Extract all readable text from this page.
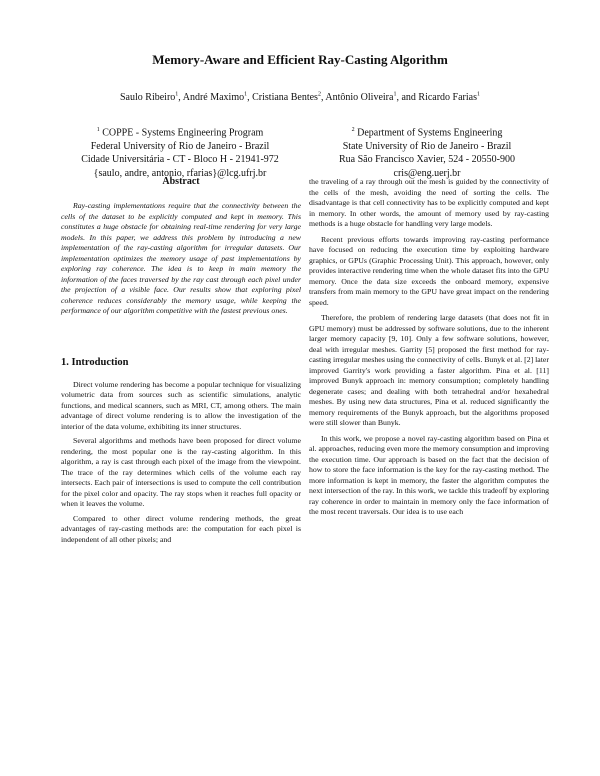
Memory-Aware and Efficient Ray-Casting Algorithm
Saulo Ribeiro$^1$, André Maximo$^1$, Cristiana Bentes$^2$, Antônio Oliveira$^1$, and Ricardo Farias$^1$
$^1$ COPPE - Systems Engineering Program
Federal University of Rio de Janeiro - Brazil
Cidade Universitária - CT - Bloco H - 21941-972
{saulo, andre, antonio, rfarias}@lcg.ufrj.br
$^2$ Department of Systems Engineering
State University of Rio de Janeiro - Brazil
Rua São Francisco Xavier, 524 - 20550-900
cris@eng.uerj.br
Abstract

Ray-casting implementations require that the connectivity between the cells of the dataset to be explicitly computed and kept in memory. This constitutes a huge obstacle for obtaining real-time rendering for very large models. In this paper, we address this problem by introducing a new implementation of the ray-casting algorithm for irregular datasets. Our implementation optimizes the memory usage of past implementations by exploring ray coherence. The idea is to keep in main memory the information of the faces traversed by the ray cast through each pixel under the projection of a visible face. Our results show that exploring pixel coherence reduces considerably the memory usage, while keeping the performance of our algorithm competitive with the fastest previous ones.

1. Introduction

Direct volume rendering has become a popular technique for visualizing volumetric data from sources such as scientific simulations, analytic functions, and medical scanners, such as MRI, CT, among others. The main advantage of direct volume rendering is to allow the investigation of the interior of the data volume, exhibiting its inner structures.

Several algorithms and methods have been proposed for direct volume rendering, the most popular one is the ray-casting algorithm. In this algorithm, a ray is cast through each pixel of the image from the viewpoint. The trace of the ray determines which cells of the volume each ray intersects. Each pair of intersections is used to compute the cell contribution for the pixel color and opacity. The ray stops when it reaches full opacity or when it leaves the volume.

Compared to other direct volume rendering methods, the great advantages of ray-casting methods are: the computation for each pixel is independent of all other pixels; and

the traveling of a ray through out the mesh is guided by the connectivity of the cells of the mesh, avoiding the need of sorting the cells. The disadvantage is that cell connectivity has to be explicitly computed and kept in memory. In other words, the amount of memory used by ray-casting methods is a huge obstacle for handling very large models.

Recent previous efforts towards improving ray-casting performance have focused on reducing the execution time by exploiting hardware graphics, or GPUs (Graphic Processing Unit). This approach, however, only provides interactive rendering time when the whole dataset fits into the GPU memory. Once the data size exceeds the onboard memory, expensive transfers from main memory to the GPU have great impact on the rendering speed.

Therefore, the problem of rendering large datasets (that does not fit in GPU memory) must be addressed by software solutions, due to the inherent larger memory capacity [9, 10]. Only a few software solutions, however, deal with irregular meshes. Garrity [5] proposed the first method for ray-casting irregular meshes using the connectivity of cells. Bunyk et al. [2] later improved Garrity's work providing a faster algorithm. Pina et al. [11] improved Bunyk approach in: memory consumption; completely handling degenerate cases; and dealing with both tetrahedral and/or hexahedral meshes. By using new data structures, Pina et al. reduced significantly the memory requirements of the Bunyk approach, but the algorithms proposed were still slower than Bunyk.

In this work, we propose a novel ray-casting algorithm based on Pina et al. approaches, reducing even more the memory consumption and improving the execution time. Our approach is based on the fact that the decision of how to store the face information is the key for the ray-casting method. The more information is kept in memory, the faster the algorithm computes the next intersection of the ray. In this work, we tackle this tradeoff by exploring ray coherence in order to maintain in memory only the face information of the most recent traversals. Our idea is to use each
